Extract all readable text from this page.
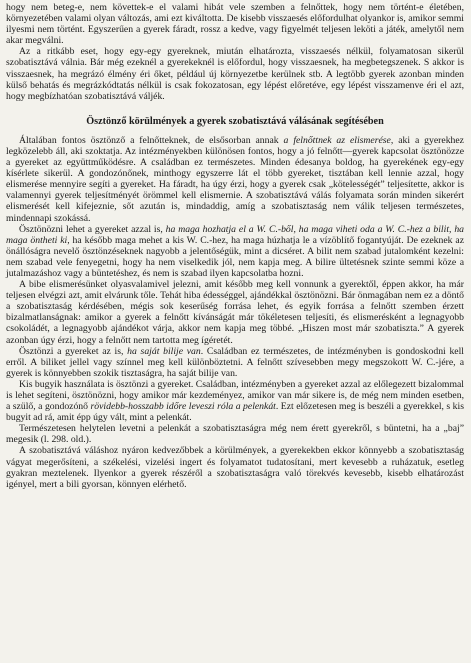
hogy nem beteg-e, nem követtek-e el valami hibát vele szemben a felnőttek, hogy nem történt-e életében, környezetében valami olyan változás, ami ezt kiváltotta. De kisebb visszaesés előfordulhat olyankor is, amikor semmi ilyesmi nem történt. Egyszerűen a gyerek fáradt, rossz a kedve, vagy figyelmét teljesen leköti a játék, amelytől nem akar megválni.

Az a ritkább eset, hogy egy-egy gyereknek, miután elhatározta, visszaesés nélkül, folyamatosan sikerül szobatisztává válnia. Bár még ezeknél a gyerekeknél is előfordul, hogy visszaesnek, ha megbetegszenek. S akkor is visszaesnek, ha megrázó élmény éri őket, például új környezetbe kerülnek stb. A legtöbb gyerek azonban minden külső behatás és megrázkódtatás nélkül is csak fokozatosan, egy lépést előretéve, egy lépést visszamenve éri el azt, hogy megbízhatóan szobatisztává váljék.

Ösztönző körülmények a gyerek szobatisztává válásának segítésében

Általában fontos ösztönző a felnőtteknek, de elsősorban annak a felnőttnek az elismerése, aki a gyerekhez legközelebb áll, aki szoktatja. Az intézményekben különösen fontos, hogy a jó felnőtt—gyerek kapcsolat ösztönözze a gyereket az együttműködésre. A családban ez természetes. Minden édesanya boldog, ha gyerekének egy-egy kísérlete sikerül. A gondozónőnek, minthogy egyszerre lát el több gyereket, tisztában kell lennie azzal, hogy elismerése mennyire segíti a gyereket. Ha fáradt, ha úgy érzi, hogy a gyerek csak „kötelességét” teljesítette, akkor is valamennyi gyerek teljesítményét örömmel kell elismernie. A szobatisztává válás folyamata során minden sikerért elismerését kell kifejeznie, sőt azután is, mindaddig, amíg a szobatisztaság nem válik teljesen természetes, mindennapi szokássá.

Ösztönözni lehet a gyereket azzal is, ha maga hozhatja el a W. C.-ből, ha maga viheti oda a W. C.-hez a bilit, ha maga öntheti ki, ha később maga mehet a kis W. C.-hez, ha maga húzhatja le a vízöblítő fogantyúját. De ezeknek az önállóságra nevelő ösztönzéseknek nagyobb a jelentőségük, mint a dicséret. A bilit nem szabad jutalomként kezelni: nem szabad vele fenyegetni, hogy ha nem viselkedik jól, nem kapja meg. A bilire ültetésnek szinte semmi köze a jutalmazáshoz vagy a büntetéshez, és nem is szabad ilyen kapcsolatba hozni.

A bibe elismerésünket olyasvalamivel jelezni, amit később meg kell vonnunk a gyerektől, éppen akkor, ha már teljesen elvégzi azt, amit elvárunk tőle. Tehát hiba édességgel, ajándékkal ösztönözni. Bár önmagában nem ez a döntő a szobatisztaság kérdésében, mégis sok keserűség forrása lehet, és egyik forrása a felnőtt szemben érzett bizalmatlanságnak: amikor a gyerek a felnőtt kívánságát már tökéletesen teljesíti, és elismerésként a legnagyobb csokoládét, a legnagyobb ajándékot várja, akkor nem kapja meg többé. „Hiszen most már szobatiszta.” A gyerek azonban úgy érzi, hogy a felnőtt nem tartotta meg ígéretét.

Ösztönzi a gyereket az is, ha saját bilije van. Családban ez természetes, de intézményben is gondoskodni kell erről. A biliket jellel vagy színnel meg kell különböztetni. A felnőtt szívesebben megy megszokott W. C.-jére, a gyerek is könnyebben szokik tisztaságra, ha saját bilije van.

Kis bugyik használata is ösztönzi a gyereket. Családban, intézményben a gyereket azzal az előlegezett bizalommal is lehet segíteni, ösztönözni, hogy amikor már kezdeményez, amikor van már sikere is, de még nem minden esetben, a szülő, a gondozónő rövidebb-hosszabb időre leveszi róla a pelenkát. Ezt előzetesen meg is beszéli a gyerekkel, s kis bugyit ad rá, amit épp úgy vált, mint a pelenkát.

Természetesen helytelen levetni a pelenkát a szobatisztaságra még nem érett gyerekről, s büntetni, ha a „baj” megesik (l. 298. old.).

A szobatisztává váláshoz nyáron kedvezőbbek a körülmények, a gyerekekben ekkor könnyebb a szobatisztaság vágyat megerősíteni, a székelési, vizelési ingert és folyamatot tudatosítani, mert kevesebb a ruházatuk, esetleg gyakran meztelenek. Ilyenkor a gyerek részéről a szobatisztaságra való törekvés kevesebb, kisebb elhatározást igényel, mert a bili gyorsan, könnyen elérhető.
